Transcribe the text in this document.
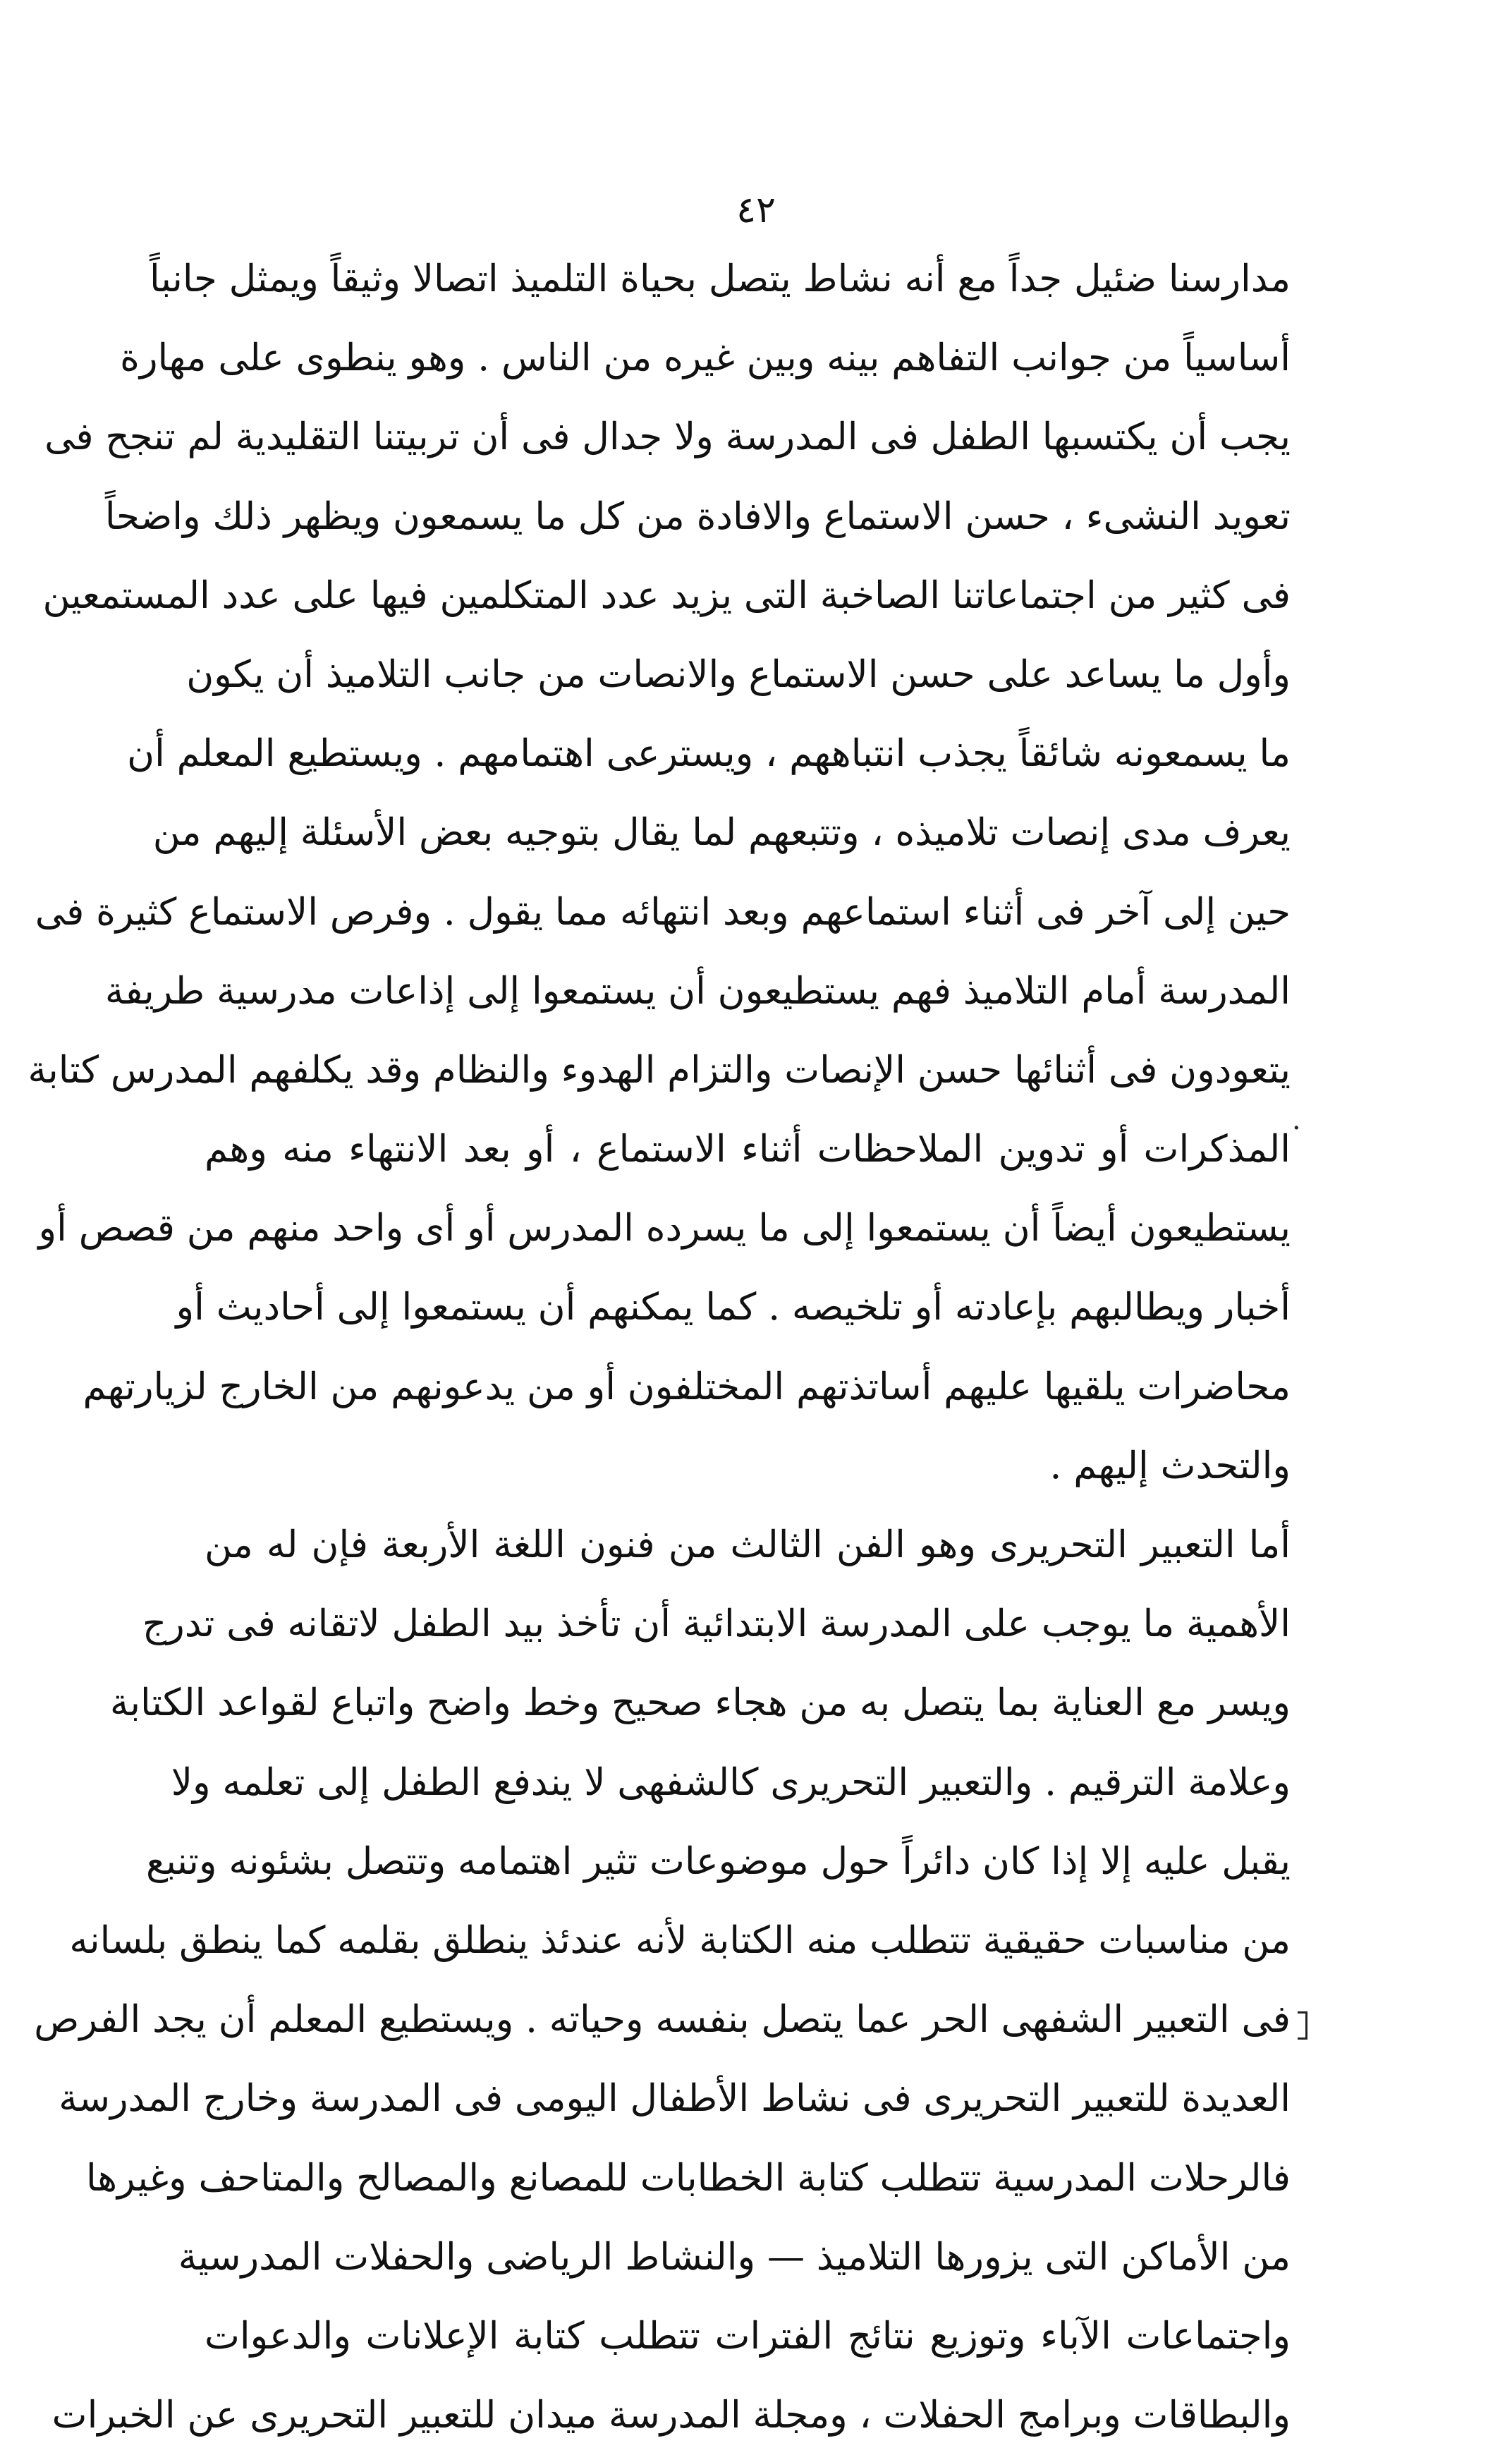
٤٢
مدارسنا ضئيل جداً مع أنه نشاط يتصل بحياة التلميذ اتصالا وثيقاً ويمثل جانباً
أساسياً من جوانب التفاهم بينه وبين غيره من الناس . وهو ينطوى على مهارة
يجب أن يكتسبها الطفل فى المدرسة ولا جدال فى أن تربيتنا التقليدية لم تنجح فى
تعويد النشىء ، حسن الاستماع والافادة من كل ما يسمعون ويظهر ذلك واضحاً
فى كثير من اجتماعاتنا الصاخبة التى يزيد عدد المتكلمين فيها على عدد المستمعين
وأول ما يساعد على حسن الاستماع والانصات من جانب التلاميذ أن يكون
ما يسمعونه شائقاً يجذب انتباههم ، ويسترعى اهتمامهم . ويستطيع المعلم أن
يعرف مدى إنصات تلاميذه ، وتتبعهم لما يقال بتوجيه بعض الأسئلة إليهم من
حين إلى آخر فى أثناء استماعهم وبعد انتهائه مما يقول . وفرص الاستماع كثيرة فى
المدرسة أمام التلاميذ فهم يستطيعون أن يستمعوا إلى إذاعات مدرسية طريفة
يتعودون فى أثنائها حسن الإنصات والتزام الهدوء والنظام وقد يكلفهم المدرس كتابة
المذكرات أو تدوين الملاحظات أثناء الاستماع ، أو بعد الانتهاء منه وهم
يستطيعون أيضاً أن يستمعوا إلى ما يسرده المدرس أو أى واحد منهم من قصص أو
أخبار ويطالبهم بإعادته أو تلخيصه . كما يمكنهم أن يستمعوا إلى أحاديث أو
محاضرات يلقيها عليهم أساتذتهم المختلفون أو من يدعونهم من الخارج لزيارتهم
والتحدث إليهم .
أما التعبير التحريرى وهو الفن الثالث من فنون اللغة الأربعة فإن له من
الأهمية ما يوجب على المدرسة الابتدائية أن تأخذ بيد الطفل لاتقانه فى تدرج
ويسر مع العناية بما يتصل به من هجاء صحيح وخط واضح واتباع لقواعد الكتابة
وعلامة الترقيم . والتعبير التحريرى كالشفهى لا يندفع الطفل إلى تعلمه ولا
يقبل عليه إلا إذا كان دائراً حول موضوعات تثير اهتمامه وتتصل بشئونه وتنبع
من مناسبات حقيقية تتطلب منه الكتابة لأنه عندئذ ينطلق بقلمه كما ينطق بلسانه
فى التعبير الشفهى الحر عما يتصل بنفسه وحياته . ويستطيع المعلم أن يجد الفرص
العديدة للتعبير التحريرى فى نشاط الأطفال اليومى فى المدرسة وخارج المدرسة
فالرحلات المدرسية تتطلب كتابة الخطابات للمصانع والمصالح والمتاحف وغيرها
من الأماكن التى يزورها التلاميذ — والنشاط الرياضى والحفلات المدرسية
واجتماعات الآباء وتوزيع نتائج الفترات تتطلب كتابة الإعلانات والدعوات
والبطاقات وبرامج الحفلات ، ومجلة المدرسة ميدان للتعبير التحريرى عن الخبرات
·
